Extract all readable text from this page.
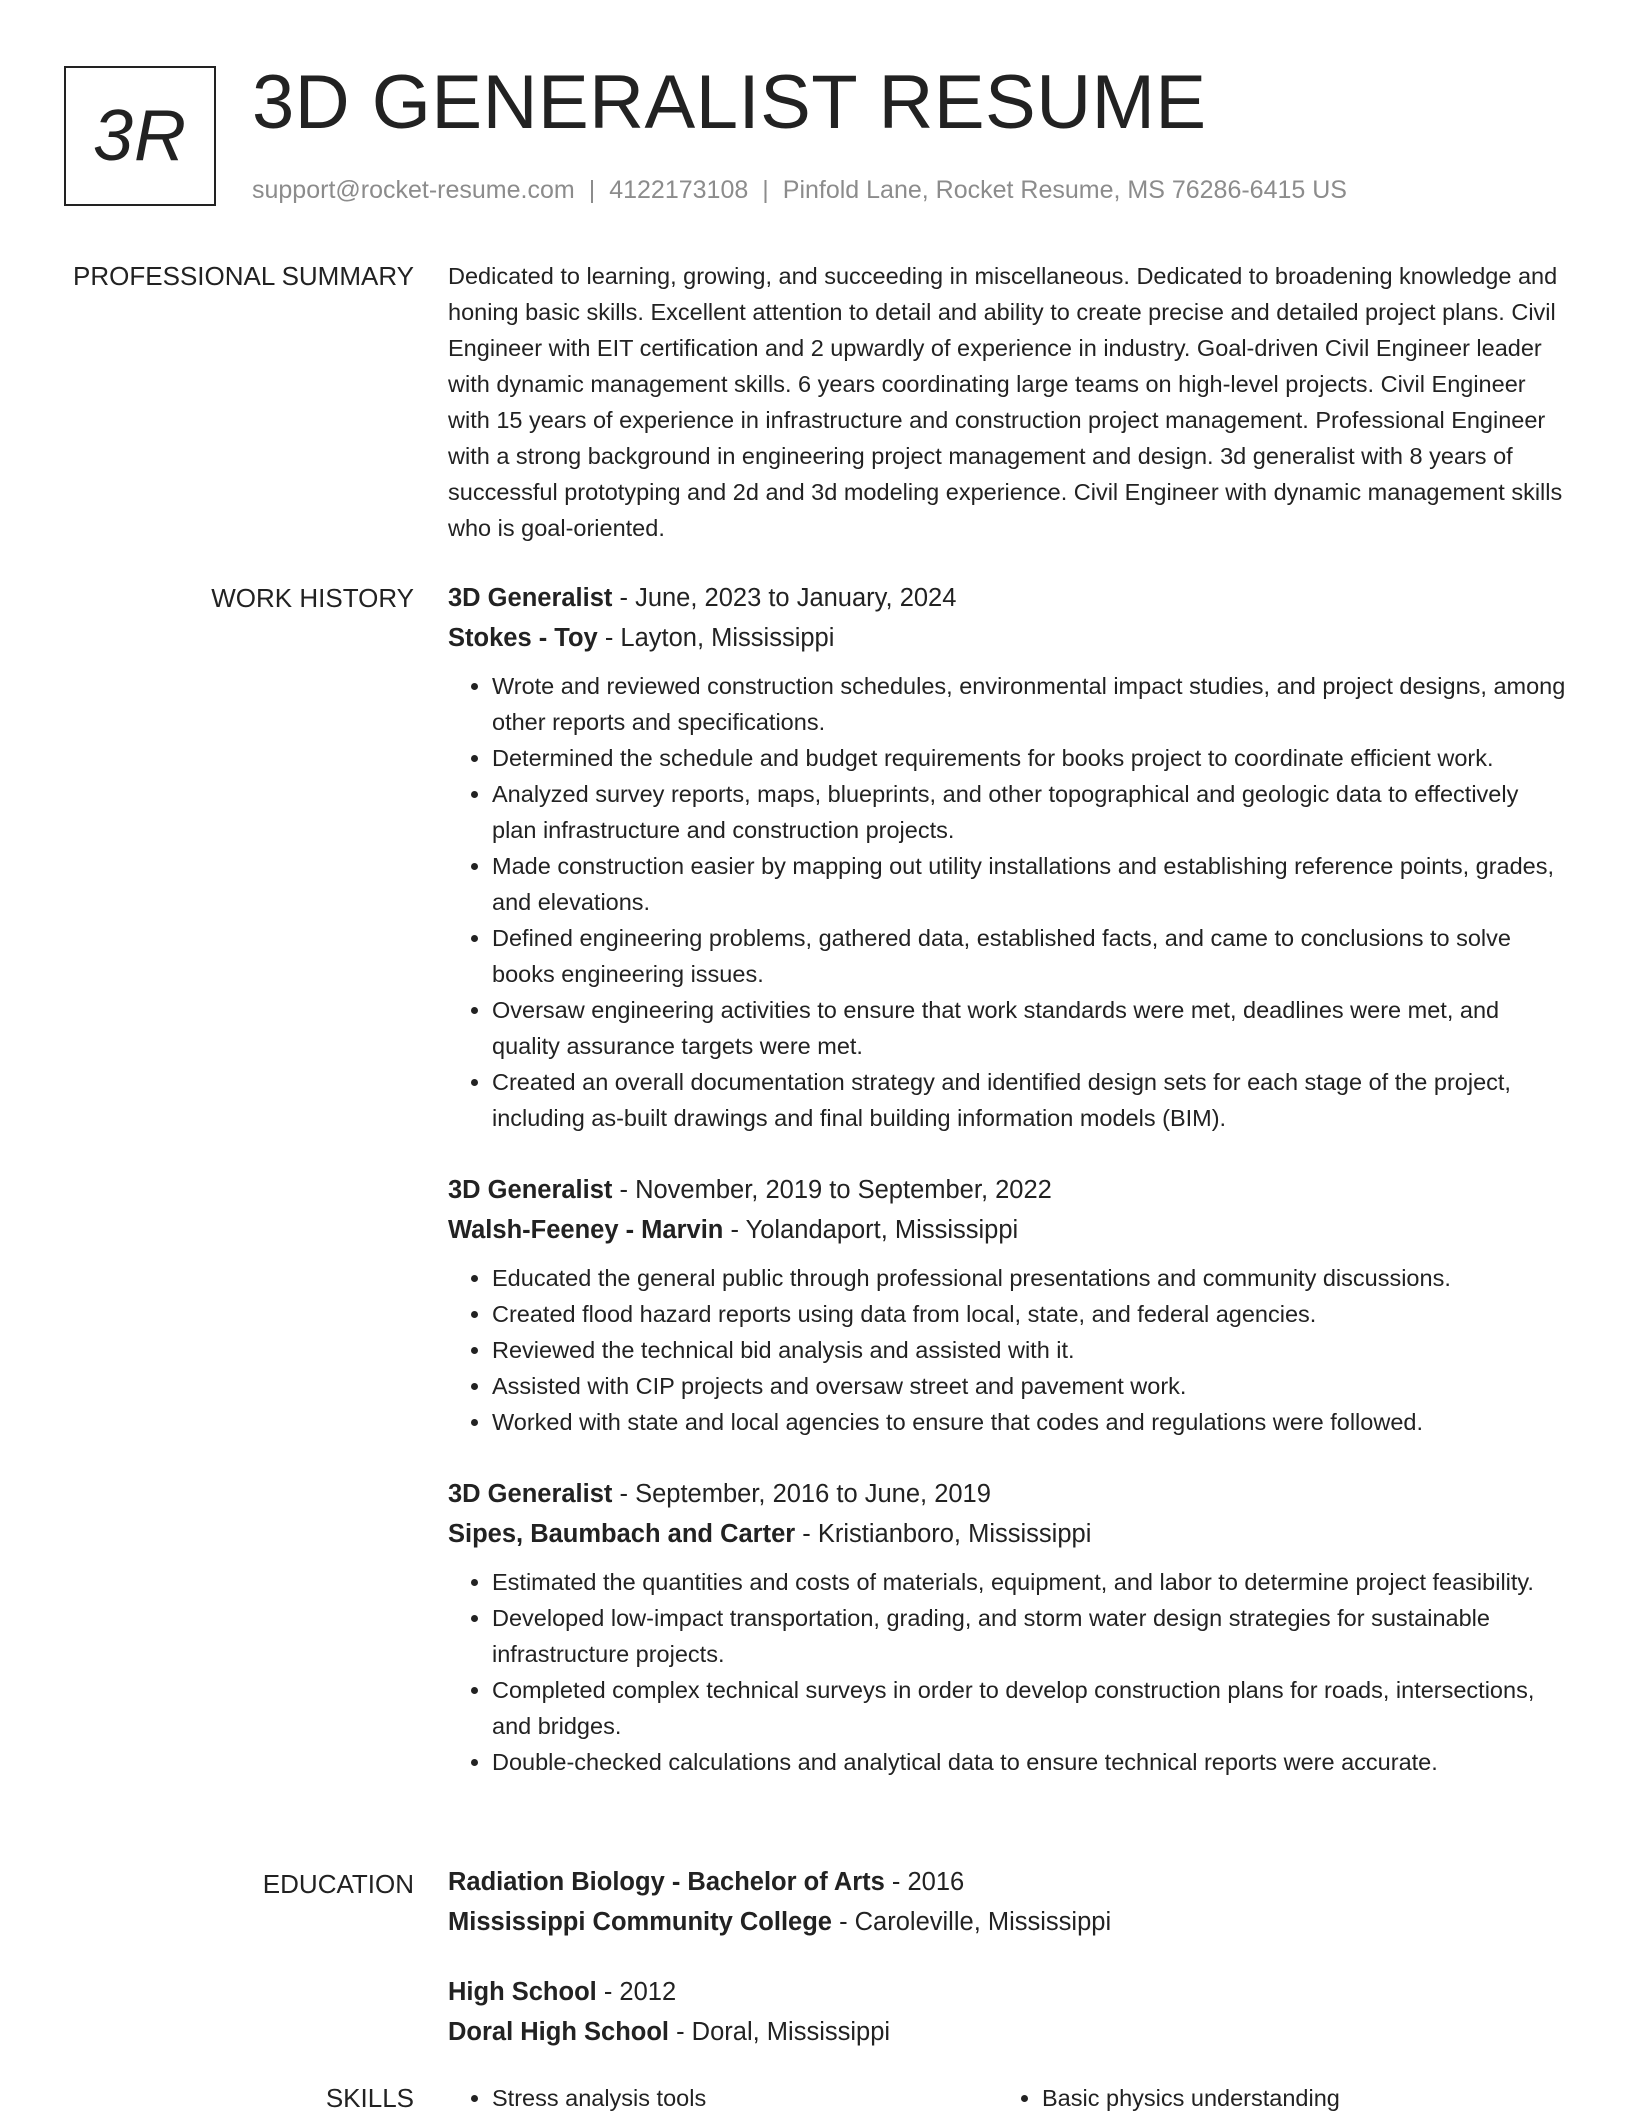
3R 3D GENERALIST RESUME
support@rocket-resume.com | 4122173108 | Pinfold Lane, Rocket Resume, MS 76286-6415 US
PROFESSIONAL SUMMARY Dedicated to learning, growing, and succeeding in miscellaneous. Dedicated to broadening knowledge and honing basic skills. Excellent attention to detail and ability to create precise and detailed project plans. Civil Engineer with EIT certification and 2 upwardly of experience in industry. Goal-driven Civil Engineer leader with dynamic management skills. 6 years coordinating large teams on high-level projects. Civil Engineer with 15 years of experience in infrastructure and construction project management. Professional Engineer with a strong background in engineering project management and design. 3d generalist with 8 years of successful prototyping and 2d and 3d modeling experience. Civil Engineer with dynamic management skills who is goal-oriented.

WORK HISTORY 3D Generalist - June, 2023 to January, 2024
Stokes - Toy - Layton, Mississippi
• Wrote and reviewed construction schedules, environmental impact studies, and project designs, among other reports and specifications.
• Determined the schedule and budget requirements for books project to coordinate efficient work.
• Analyzed survey reports, maps, blueprints, and other topographical and geologic data to effectively plan infrastructure and construction projects.
• Made construction easier by mapping out utility installations and establishing reference points, grades, and elevations.
• Defined engineering problems, gathered data, established facts, and came to conclusions to solve books engineering issues.
• Oversaw engineering activities to ensure that work standards were met, deadlines were met, and quality assurance targets were met.
• Created an overall documentation strategy and identified design sets for each stage of the project, including as-built drawings and final building information models (BIM).
3D Generalist - November, 2019 to September, 2022
Walsh-Feeney - Marvin - Yolandaport, Mississippi
• Educated the general public through professional presentations and community discussions.
• Created flood hazard reports using data from local, state, and federal agencies.
• Reviewed the technical bid analysis and assisted with it.
• Assisted with CIP projects and oversaw street and pavement work.
• Worked with state and local agencies to ensure that codes and regulations were followed.
3D Generalist - September, 2016 to June, 2019
Sipes, Baumbach and Carter - Kristianboro, Mississippi
• Estimated the quantities and costs of materials, equipment, and labor to determine project feasibility.
• Developed low-impact transportation, grading, and storm water design strategies for sustainable infrastructure projects.
• Completed complex technical surveys in order to develop construction plans for roads, intersections, and bridges.
• Double-checked calculations and analytical data to ensure technical reports were accurate.
EDUCATION Radiation Biology - Bachelor of Arts - 2016
Mississippi Community College - Caroleville, Mississippi
High School - 2012
Doral High School - Doral, Mississippi
SKILLS	• Stress analysis tools	• Basic physics understanding
